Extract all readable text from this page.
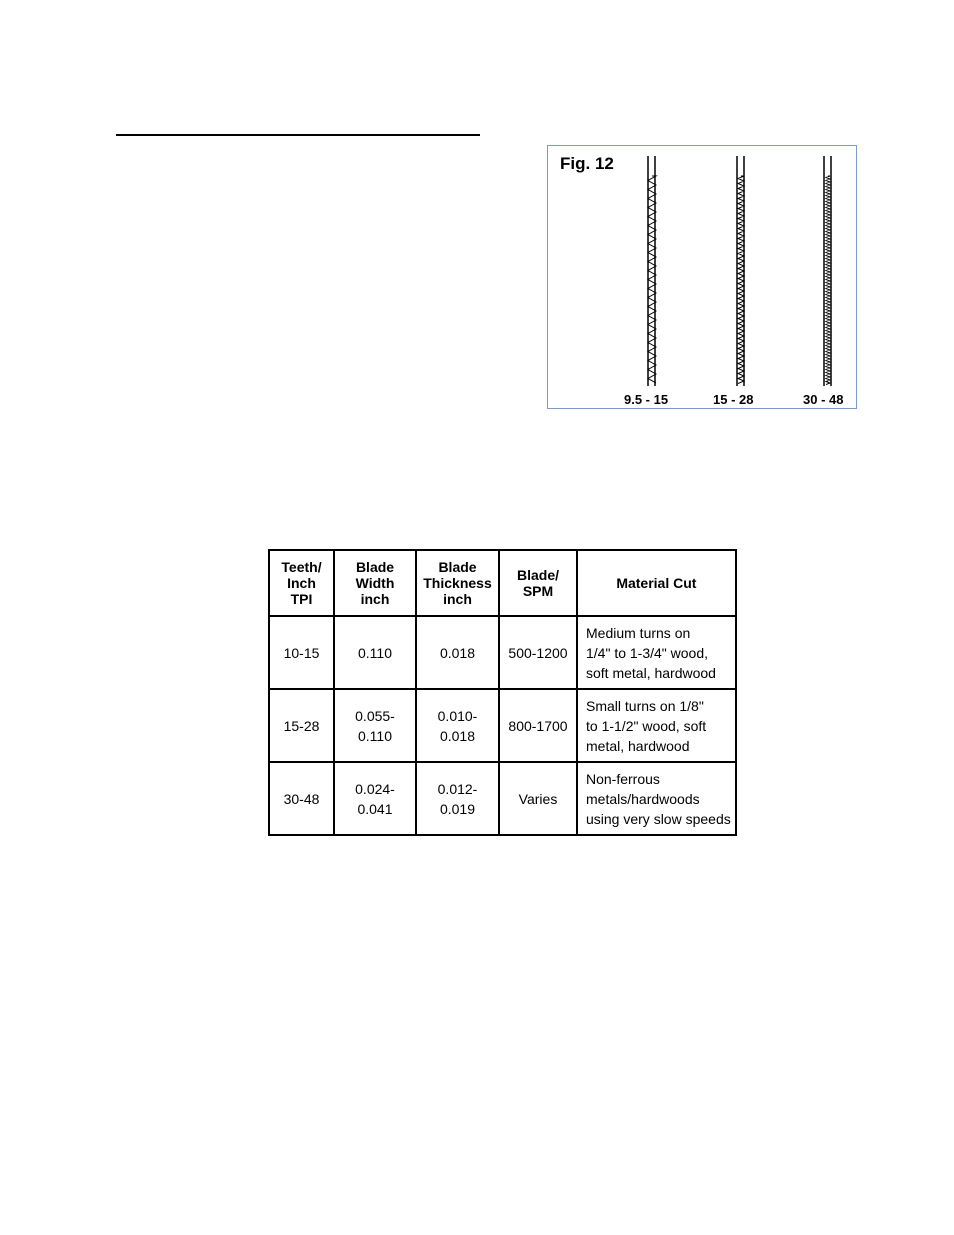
Fig. 12
9.5 - 15	15 - 28	30 - 48
Teeth/
Inch
TPI	Blade
Width
inch	Blade
Thickness
inch	Blade/
SPM	Material Cut

10-15	0.110	0.018	500-1200	Medium turns on
1/4" to 1-3/4" wood,
soft metal, hardwood

15-28	0.055-0.110	0.010-0.018	800-1700	Small turns on 1/8"
to 1-1/2" wood, soft
metal, hardwood

30-48	0.024-0.041	0.012-0.019	Varies	Non-ferrous
metals/hardwoods
using very slow speeds
